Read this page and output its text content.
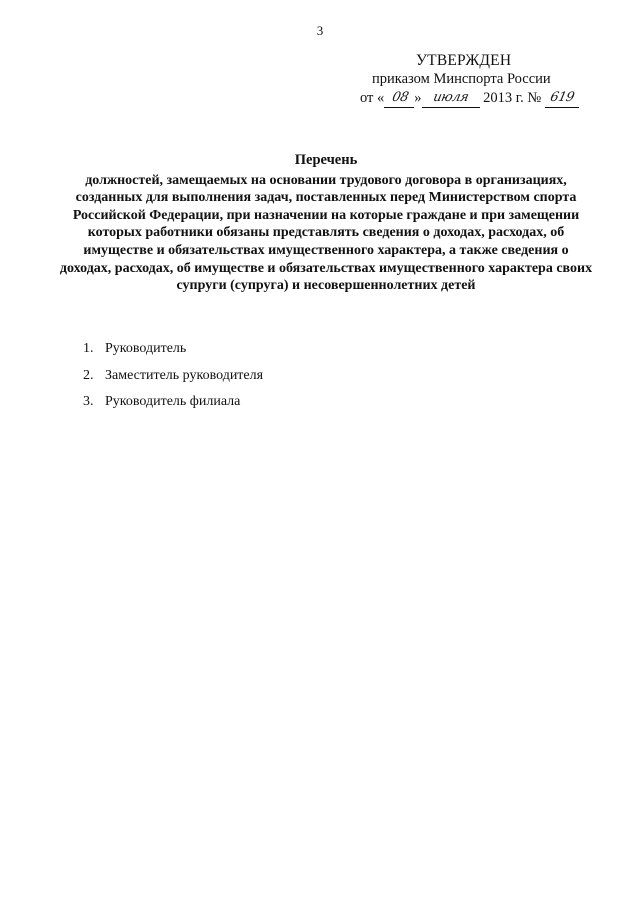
3
УТВЕРЖДЕН
приказом Минспорта России
от « 08 » июля 2013 г. № 619
Перечень

должностей, замещаемых на основании трудового договора в организациях, созданных для выполнения задач, поставленных перед Министерством спорта Российской Федерации, при назначении на которые граждане и при замещении которых работники обязаны представлять сведения о доходах, расходах, об имуществе и обязательствах имущественного характера, а также сведения о доходах, расходах, об имуществе и обязательствах имущественного характера своих супруги (супруга) и несовершеннолетних детей

1. Руководитель
2. Заместитель руководителя
3. Руководитель филиала
